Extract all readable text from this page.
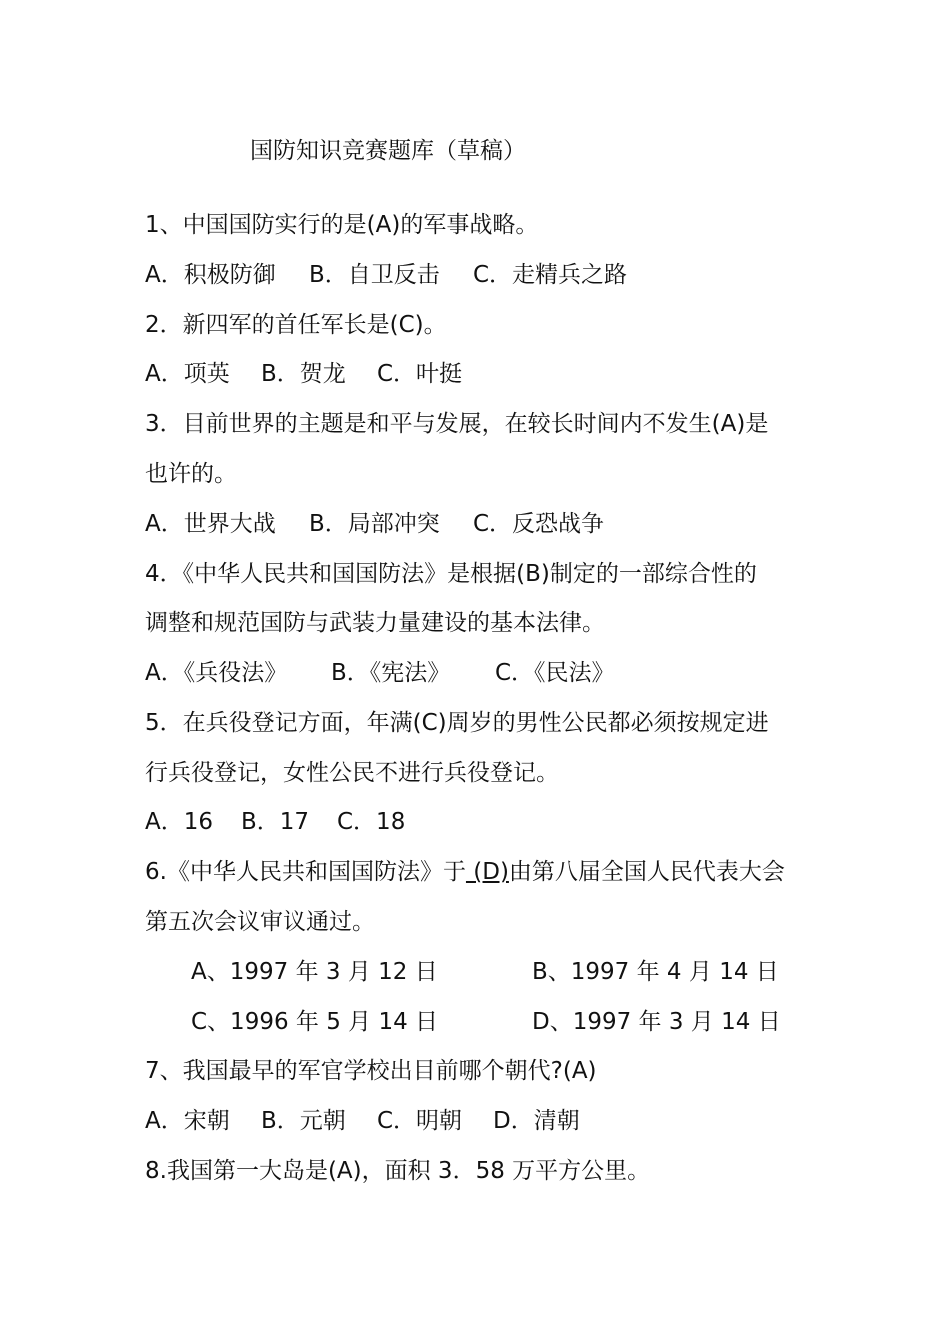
国防知识竞赛题库（草稿）
1、中国国防实行的是(A)的军事战略。
A．积极防御 B．自卫反击 C．走精兵之路
2．新四军的首任军长是(C)。
A．项英 B．贺龙 C．叶挺
3．目前世界的主题是和平与发展，在较长时间内不发生(A)是
也许的。
A．世界大战 B．局部冲突 C．反恐战争
4．《中华人民共和国国防法》是根据(B)制定的一部综合性的
调整和规范国防与武装力量建设的基本法律。
A．《兵役法》 B．《宪法》 C．《民法》
5．在兵役登记方面，年满(C)周岁的男性公民都必须按规定进
行兵役登记，女性公民不进行兵役登记。
A．16 B．17 C．18
6.《中华人民共和国国防法》于 (D)由第八届全国人民代表大会
第五次会议审议通过。
A、1997 年 3 月 12 日	B、1997 年 4 月 14 日
C、1996 年 5 月 14 日	D、1997 年 3 月 14 日
7、我国最早的军官学校出目前哪个朝代?(A)
A．宋朝 B．元朝 C．明朝 D．清朝
8.我国第一大岛是(A)，面积 3．58 万平方公里。
